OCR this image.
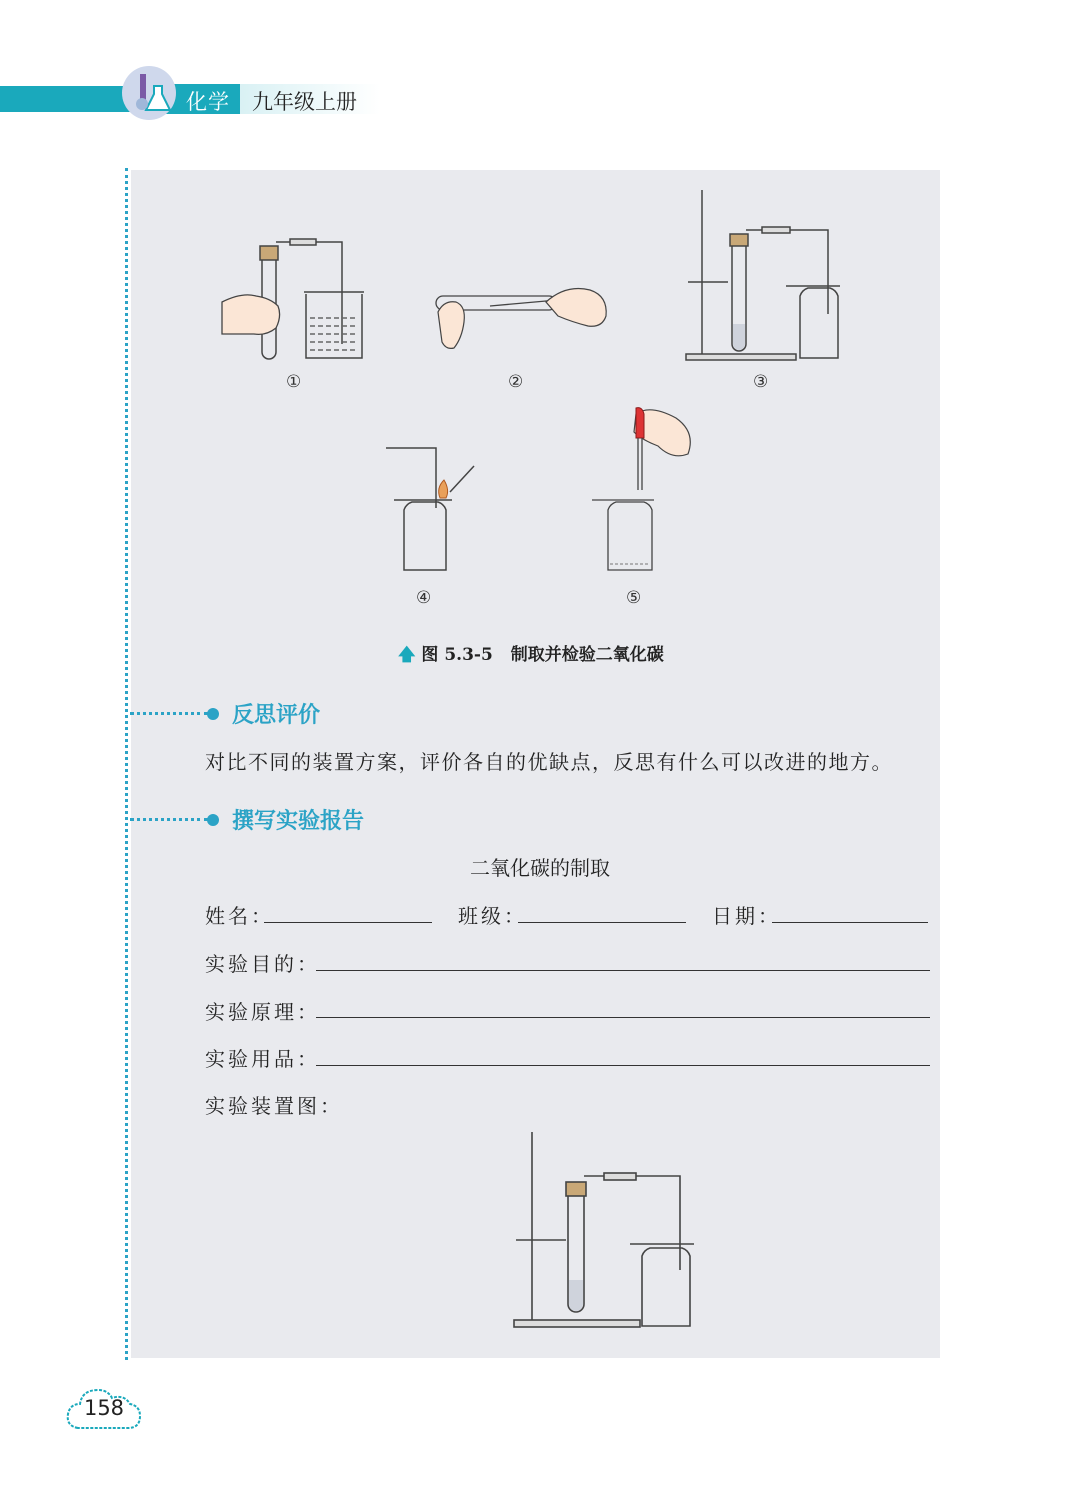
化学 九年级上册
①	②	③
④	⑤
🡅 图 5.3-5 制取并检验二氧化碳
反思评价
对比不同的装置方案，评价各自的优缺点，反思有什么可以改进的地方。
撰写实验报告
二氧化碳的制取
姓名：	班级：	日期：
实验目的：
实验原理：
实验用品：
实验装置图：
158
